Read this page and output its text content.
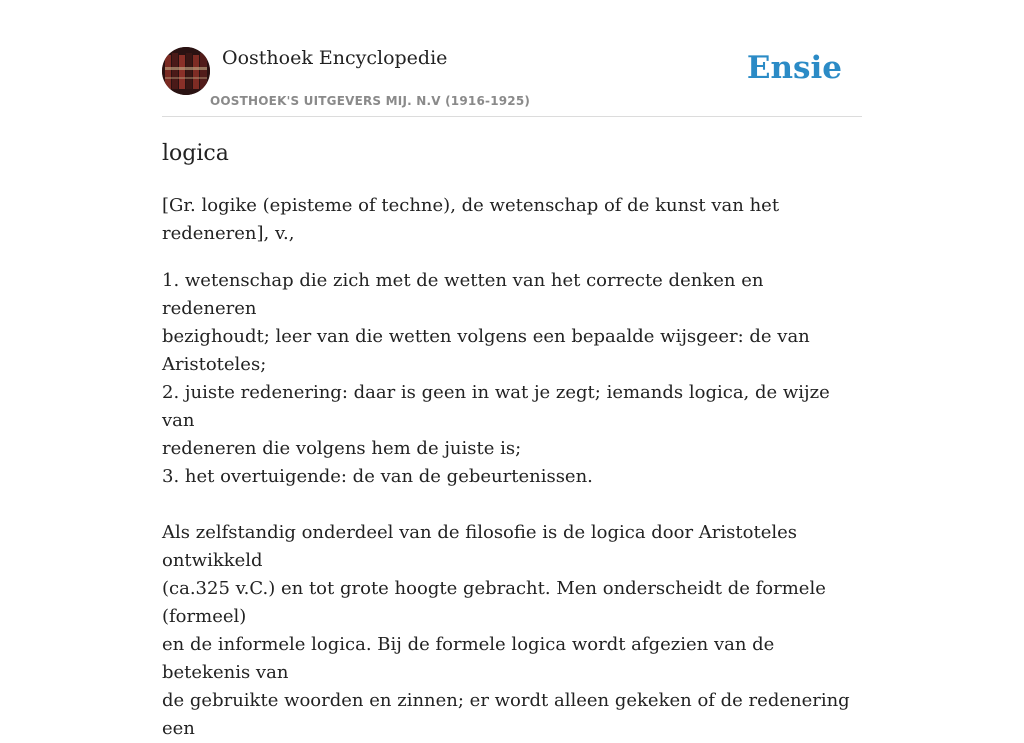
Oosthoek Encyclopedie
OOSTHOEK'S UITGEVERS MIJ. N.V (1916-1925)
Ensie
logica

[Gr. logike (episteme of techne), de wetenschap of de kunst van het redeneren], v.,

1. wetenschap die zich met de wetten van het correcte denken en redeneren

bezighoudt; leer van die wetten volgens een bepaalde wijsgeer: de van Aristoteles;

2. juiste redenering: daar is geen in wat je zegt; iemands logica, de wijze van

redeneren die volgens hem de juiste is;

3. het overtuigende: de van de gebeurtenissen.

Als zelfstandig onderdeel van de filosofie is de logica door Aristoteles ontwikkeld

(ca.325 v.C.) en tot grote hoogte gebracht. Men onderscheidt de formele (formeel)

en de informele logica. Bij de formele logica wordt afgezien van de betekenis van

de gebruikte woorden en zinnen; er wordt alleen gekeken of de redenering een
